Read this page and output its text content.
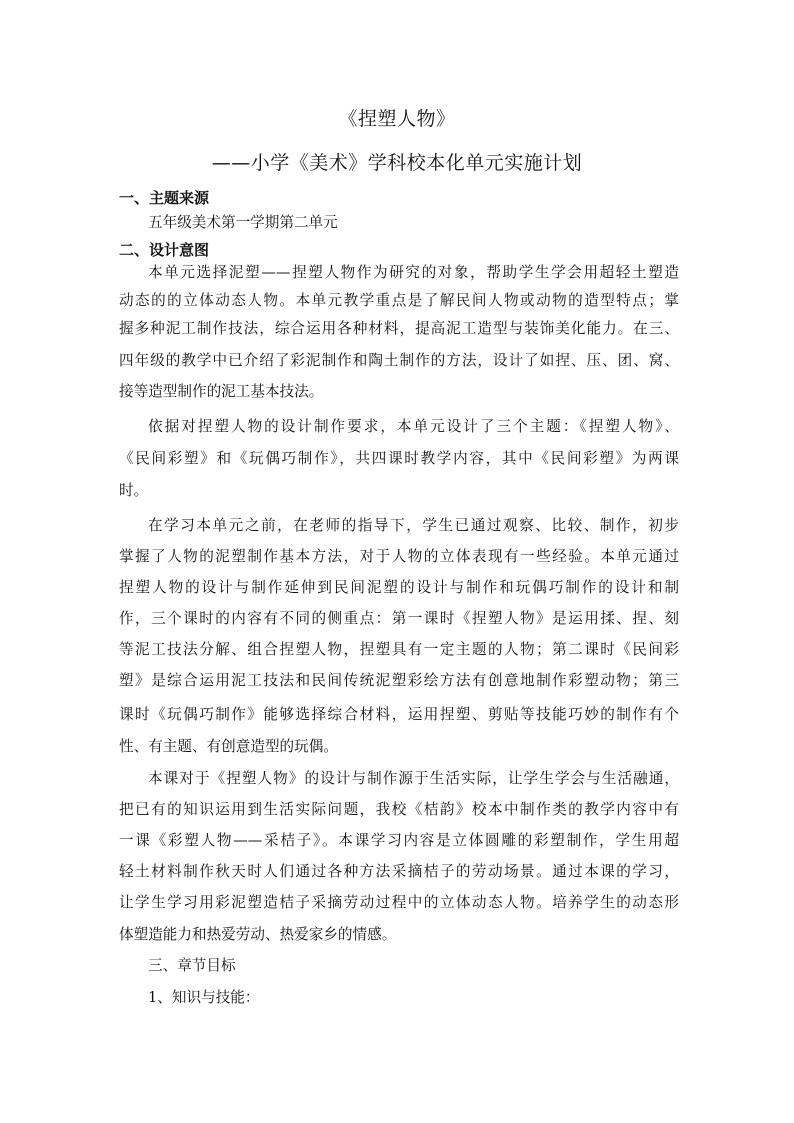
《捏塑人物》
——小学《美术》学科校本化单元实施计划
一、主题来源
五年级美术第一学期第二单元
二、设计意图
本单元选择泥塑——捏塑人物作为研究的对象，帮助学生学会用超轻土塑造
动态的的立体动态人物。本单元教学重点是了解民间人物或动物的造型特点；掌
握多种泥工制作技法，综合运用各种材料，提高泥工造型与装饰美化能力。在三、
四年级的教学中已介绍了彩泥制作和陶土制作的方法，设计了如捏、压、团、窝、
接等造型制作的泥工基本技法。
依据对捏塑人物的设计制作要求，本单元设计了三个主题：《捏塑人物》、
《民间彩塑》和《玩偶巧制作》，共四课时教学内容，其中《民间彩塑》为两课
时。
在学习本单元之前，在老师的指导下，学生已通过观察、比较、制作，初步
掌握了人物的泥塑制作基本方法，对于人物的立体表现有一些经验。本单元通过
捏塑人物的设计与制作延伸到民间泥塑的设计与制作和玩偶巧制作的设计和制
作，三个课时的内容有不同的侧重点：第一课时《捏塑人物》是运用揉、捏、刻
等泥工技法分解、组合捏塑人物，捏塑具有一定主题的人物；第二课时《民间彩
塑》是综合运用泥工技法和民间传统泥塑彩绘方法有创意地制作彩塑动物；第三
课时《玩偶巧制作》能够选择综合材料，运用捏塑、剪贴等技能巧妙的制作有个
性、有主题、有创意造型的玩偶。
本课对于《捏塑人物》的设计与制作源于生活实际，让学生学会与生活融通，
把已有的知识运用到生活实际问题，我校《桔韵》校本中制作类的教学内容中有
一课《彩塑人物——采桔子》。本课学习内容是立体圆雕的彩塑制作，学生用超
轻土材料制作秋天时人们通过各种方法采摘桔子的劳动场景。通过本课的学习，
让学生学习用彩泥塑造桔子采摘劳动过程中的立体动态人物。培养学生的动态形
体塑造能力和热爱劳动、热爱家乡的情感。
三、章节目标
1、知识与技能：
